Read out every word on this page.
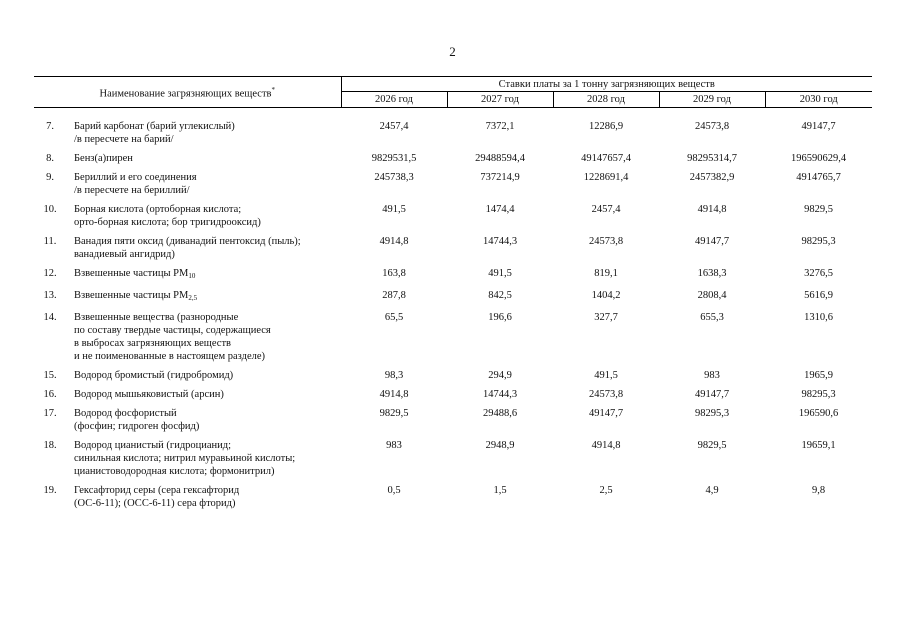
2
Наименование загрязняющих веществ*		Ставки платы за 1 тонну загрязняющих веществ				
		2026 год	2027 год	2028 год	2029 год	2030 год

7.	Барий карбонат (барий углекислый)
/в пересчете на барий/	2457,4	7372,1	12286,9	24573,8	49147,7
8.	Бенз(а)пирен	9829531,5	29488594,4	49147657,4	98295314,7	196590629,4
9.	Бериллий и его соединения
/в пересчете на бериллий/	245738,3	737214,9	1228691,4	2457382,9	4914765,7
10.	Борная кислота (ортоборная кислота;
орто-борная кислота; бор тригидрооксид)	491,5	1474,4	2457,4	4914,8	9829,5
11.	Ванадия пяти оксид (диванадий пентоксид (пыль);
ванадиевый ангидрид)	4914,8	14744,3	24573,8	49147,7	98295,3
12.	Взвешенные частицы $PM_{10}$	163,8	491,5	819,1	1638,3	3276,5
13.	Взвешенные частицы $PM_{2,5}$	287,8	842,5	1404,2	2808,4	5616,9
14.	Взвешенные вещества (разнородные
по составу твердые частицы, содержащиеся
в выбросах загрязняющих веществ
и не поименованные в настоящем разделе)	65,5	196,6	327,7	655,3	1310,6
15.	Водород бромистый (гидробромид)	98,3	294,9	491,5	983	1965,9
16.	Водород мышьяковистый (арсин)	4914,8	14744,3	24573,8	49147,7	98295,3
17.	Водород фосфористый
(фосфин; гидроген фосфид)	9829,5	29488,6	49147,7	98295,3	196590,6
18.	Водород цианистый (гидроцианид;
синильная кислота; нитрил муравьиной кислоты;
цианистоводородная кислота; формонитрил)	983	2948,9	4914,8	9829,5	19659,1
19.	Гексафторид серы (сера гексафторид
(ОС-6-11); (ОСС-6-11) сера фторид)	0,5	1,5	2,5	4,9	9,8
